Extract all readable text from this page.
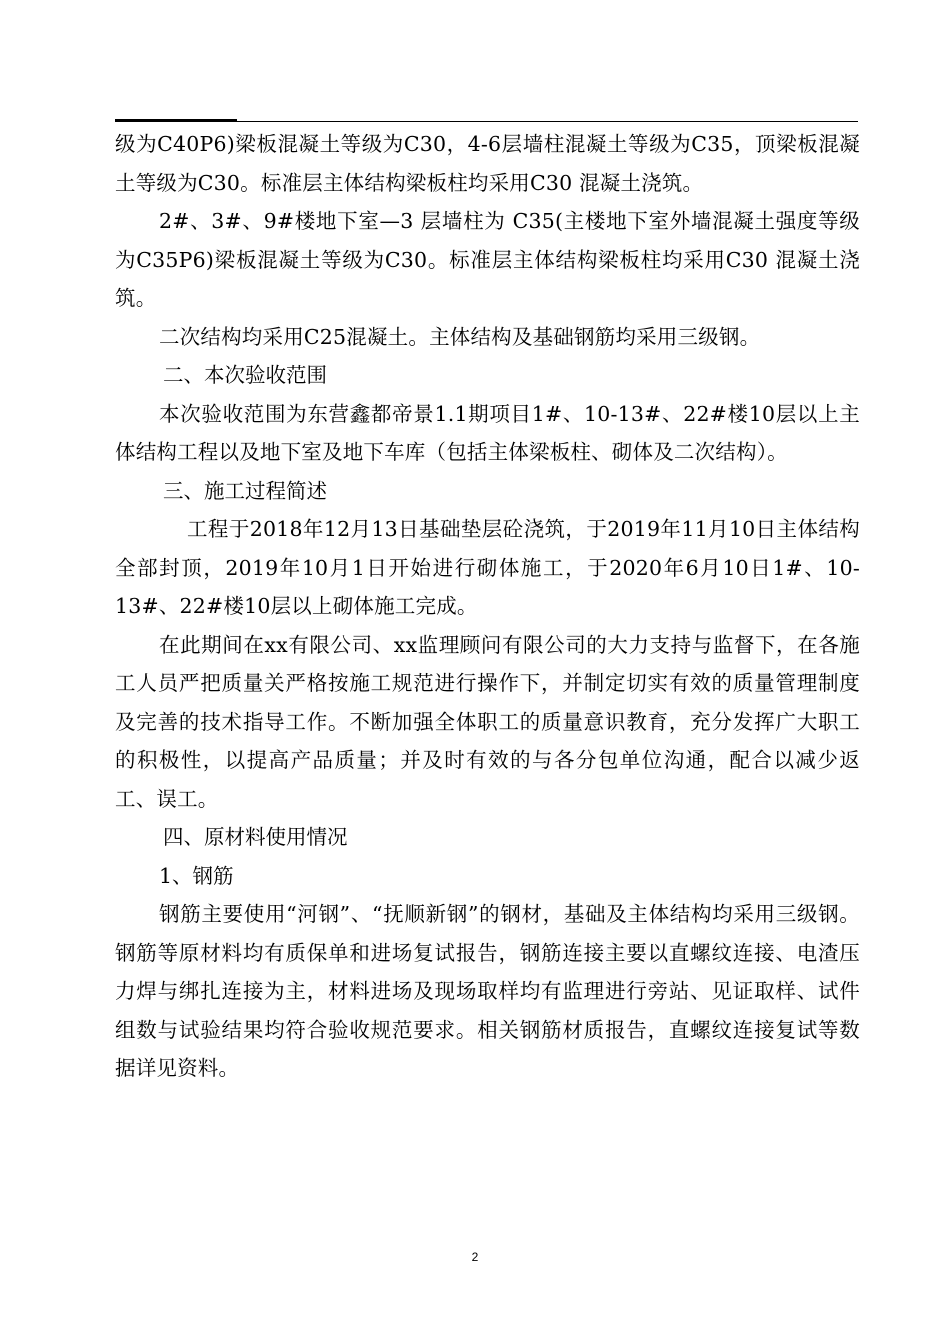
级为C40P6)梁板混凝土等级为C30，4-6层墙柱混凝土等级为C35，顶梁板混凝土等级为C30。标准层主体结构梁板柱均采用C30 混凝土浇筑。

2#、3#、9#楼地下室—3 层墙柱为 C35(主楼地下室外墙混凝土强度等级为C35P6)梁板混凝土等级为C30。标准层主体结构梁板柱均采用C30 混凝土浇筑。

二次结构均采用C25混凝土。主体结构及基础钢筋均采用三级钢。

二、本次验收范围

本次验收范围为东营鑫都帝景1.1期项目1#、10-13#、22#楼10层以上主体结构工程以及地下室及地下车库（包括主体梁板柱、砌体及二次结构）。

三、施工过程简述

工程于2018年12月13日基础垫层砼浇筑，于2019年11月10日主体结构全部封顶，2019年10月1日开始进行砌体施工，于2020年6月10日1#、10-13#、22#楼10层以上砌体施工完成。

在此期间在xx有限公司、xx监理顾问有限公司的大力支持与监督下，在各施工人员严把质量关严格按施工规范进行操作下，并制定切实有效的质量管理制度及完善的技术指导工作。不断加强全体职工的质量意识教育，充分发挥广大职工的积极性，以提高产品质量；并及时有效的与各分包单位沟通，配合以减少返工、误工。

四、原材料使用情况

1、钢筋

钢筋主要使用“河钢”、“抚顺新钢”的钢材，基础及主体结构均采用三级钢。钢筋等原材料均有质保单和进场复试报告，钢筋连接主要以直螺纹连接、电渣压力焊与绑扎连接为主，材料进场及现场取样均有监理进行旁站、见证取样、试件组数与试验结果均符合验收规范要求。相关钢筋材质报告，直螺纹连接复试等数据详见资料。

2
